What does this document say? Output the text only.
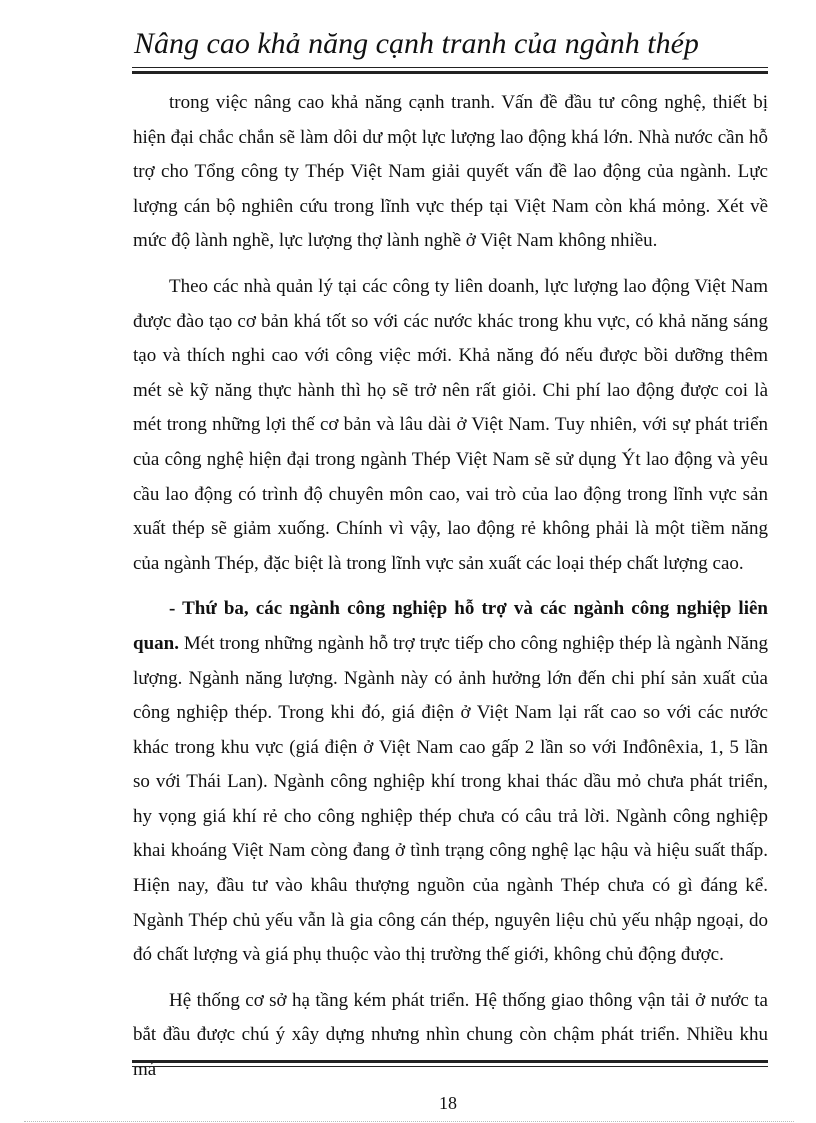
Nâng cao khả năng cạnh tranh của ngành thép

trong việc nâng cao khả năng cạnh tranh. Vấn đề đầu tư công nghệ, thiết bị hiện đại chắc chắn sẽ làm dôi dư một lực lượng lao động khá lớn. Nhà nước cần hỗ trợ cho Tổng công ty Thép Việt Nam giải quyết vấn đề lao động của ngành. Lực lượng cán bộ nghiên cứu trong lĩnh vực thép tại Việt Nam còn khá mỏng. Xét về mức độ lành nghề, lực lượng thợ lành nghề ở Việt Nam không nhiều.

Theo các nhà quản lý tại các công ty liên doanh, lực lượng lao động Việt Nam được đào tạo cơ bản khá tốt so với các nước khác trong khu vực, có khả năng sáng tạo và thích nghi cao với công việc mới. Khả năng đó nếu được bồi dưỡng thêm mét sè kỹ năng thực hành thì họ sẽ trở nên rất giỏi. Chi phí lao động được coi là mét trong những lợi thế cơ bản và lâu dài ở Việt Nam. Tuy nhiên, với sự phát triển của công nghệ hiện đại trong ngành Thép Việt Nam sẽ sử dụng Ýt lao động và yêu cầu lao động có trình độ chuyên môn cao, vai trò của lao động trong lĩnh vực sản xuất thép sẽ giảm xuống. Chính vì vậy, lao động rẻ không phải là một tiềm năng của ngành Thép, đặc biệt là trong lĩnh vực sản xuất các loại thép chất lượng cao.

- Thứ ba, các ngành công nghiệp hỗ trợ và các ngành công nghiệp liên quan. Mét trong những ngành hỗ trợ trực tiếp cho công nghiệp thép là ngành Năng lượng. Ngành năng lượng. Ngành này có ảnh hưởng lớn đến chi phí sản xuất của công nghiệp thép. Trong khi đó, giá điện ở Việt Nam lại rất cao so với các nước khác trong khu vực (giá điện ở Việt Nam cao gấp 2 lần so với Inđônêxia, 1, 5 lần so với Thái Lan). Ngành công nghiệp khí trong khai thác dầu mỏ chưa phát triển, hy vọng giá khí rẻ cho công nghiệp thép chưa có câu trả lời. Ngành công nghiệp khai khoáng Việt Nam còng đang ở tình trạng công nghệ lạc hậu và hiệu suất thấp. Hiện nay, đầu tư vào khâu thượng nguồn của ngành Thép chưa có gì đáng kể. Ngành Thép chủ yếu vẫn là gia công cán thép, nguyên liệu chủ yếu nhập ngoại, do đó chất lượng và giá phụ thuộc vào thị trường thế giới, không chủ động được.

Hệ thống cơ sở hạ tầng kém phát triển. Hệ thống giao thông vận tải ở nước ta bắt đầu được chú ý xây dựng nhưng nhìn chung còn chậm phát triển. Nhiều khu má

18
